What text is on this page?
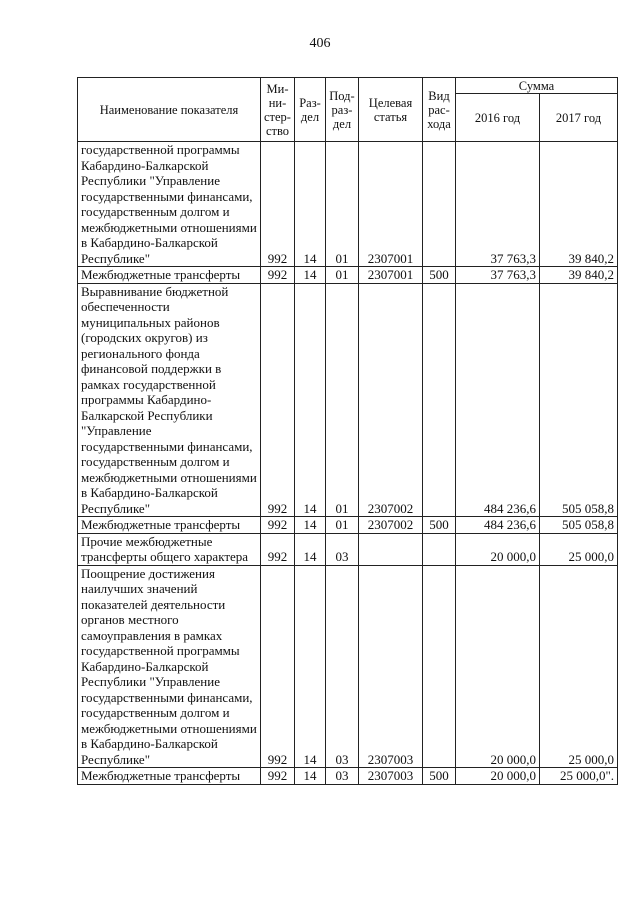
406
Наименование показателя	Ми-ни-стер-ство	Раз-дел	Под-раз-дел	Целевая статья	Вид рас-хода	Сумма	
						2016 год	2017 год
государственной программы Кабардино-Балкарской Республики "Управление государственными финансами, государственным долгом и межбюджетными отношениями в Кабардино-Балкарской Республике"	992	14	01	2307001		37 763,3	39 840,2
Межбюджетные трансферты	992	14	01	2307001	500	37 763,3	39 840,2
Выравнивание бюджетной обеспеченности муниципальных районов (городских округов) из регионального фонда финансовой поддержки в рамках государственной программы Кабардино-Балкарской Республики "Управление государственными финансами, государственным долгом и межбюджетными отношениями в Кабардино-Балкарской Республике"	992	14	01	2307002		484 236,6	505 058,8
Межбюджетные трансферты	992	14	01	2307002	500	484 236,6	505 058,8
Прочие межбюджетные трансферты общего характера	992	14	03			20 000,0	25 000,0
Поощрение достижения наилучших значений показателей деятельности органов местного самоуправления в рамках государственной программы Кабардино-Балкарской Республики "Управление государственными финансами, государственным долгом и межбюджетными отношениями в Кабардино-Балкарской Республике"	992	14	03	2307003		20 000,0	25 000,0
Межбюджетные трансферты	992	14	03	2307003	500	20 000,0	25 000,0".
